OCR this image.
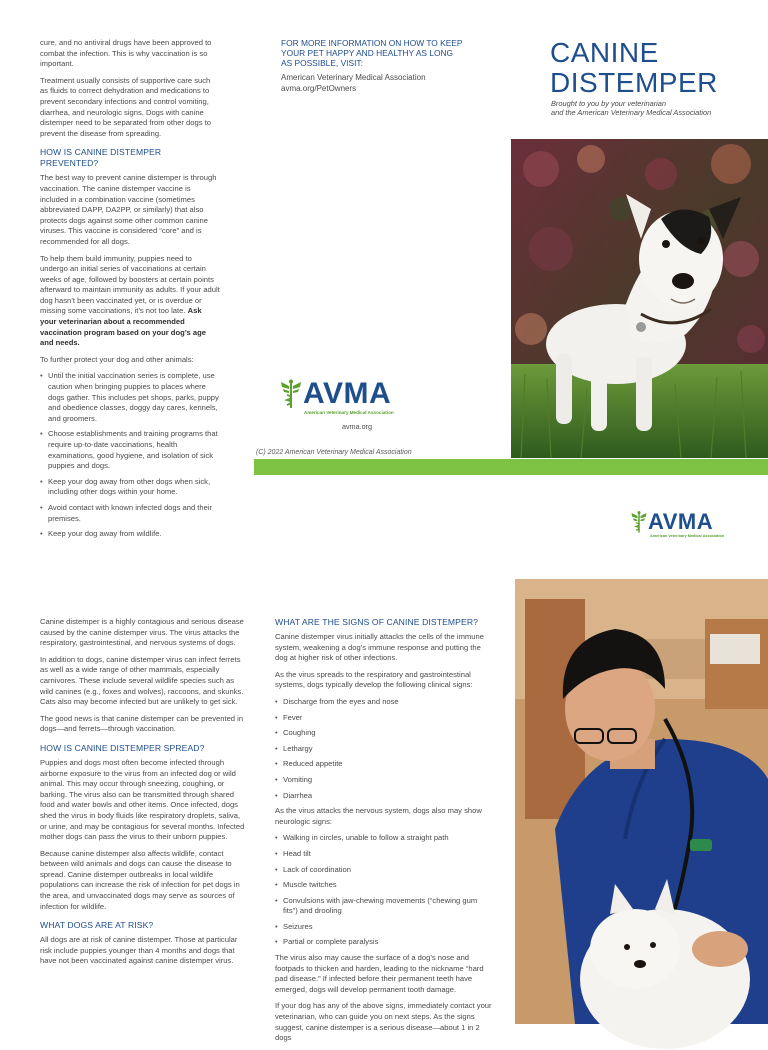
cure, and no antiviral drugs have been approved to combat the infection. This is why vaccination is so important.

Treatment usually consists of supportive care such as fluids to correct dehydration and medications to prevent secondary infections and control vomiting, diarrhea, and neurologic signs. Dogs with canine distemper need to be separated from other dogs to prevent the disease from spreading.

HOW IS CANINE DISTEMPER PREVENTED?

The best way to prevent canine distemper is through vaccination. The canine distemper vaccine is included in a combination vaccine (sometimes abbreviated DAPP, DA2PP, or similarly) that also protects dogs against some other common canine viruses. This vaccine is considered “core” and is recommended for all dogs.

To help them build immunity, puppies need to undergo an initial series of vaccinations at certain weeks of age, followed by boosters at certain points afterward to maintain immunity as adults. If your adult dog hasn’t been vaccinated yet, or is overdue or missing some vaccinations, it’s not too late. Ask your veterinarian about a recommended vaccination program based on your dog’s age and needs.

To further protect your dog and other animals:

• Until the initial vaccination series is complete, use caution when bringing puppies to places where dogs gather. This includes pet shops, parks, puppy and obedience classes, doggy day cares, kennels, and groomers.
• Choose establishments and training programs that require up-to-date vaccinations, health examinations, good hygiene, and isolation of sick puppies and dogs.
• Keep your dog away from other dogs when sick, including other dogs within your home.
• Avoid contact with known infected dogs and their premises.
• Keep your dog away from wildlife.
FOR MORE INFORMATION ON HOW TO KEEP YOUR PET HAPPY AND HEALTHY AS LONG AS POSSIBLE, VISIT:
American Veterinary Medical Association
avma.org/PetOwners
AVMA
American Veterinary Medical Association
avma.org
(C) 2022 American Veterinary Medical Association
CANINE
DISTEMPER
Brought to you by your veterinarian
and the American Veterinary Medical Association
AVMA
American Veterinary Medical Association

Canine distemper is a highly contagious and serious disease caused by the canine distemper virus. The virus attacks the respiratory, gastrointestinal, and nervous systems of dogs.

In addition to dogs, canine distemper virus can infect ferrets as well as a wide range of other mammals, especially carnivores. These include several wildlife species such as wild canines (e.g., foxes and wolves), raccoons, and skunks. Cats also may become infected but are unlikely to get sick.

The good news is that canine distemper can be prevented in dogs—and ferrets—through vaccination.

HOW IS CANINE DISTEMPER SPREAD?

Puppies and dogs most often become infected through airborne exposure to the virus from an infected dog or wild animal. This may occur through sneezing, coughing, or barking. The virus also can be transmitted through shared food and water bowls and other items. Once infected, dogs shed the virus in body fluids like respiratory droplets, saliva, or urine, and may be contagious for several months. Infected mother dogs can pass the virus to their unborn puppies.

Because canine distemper also affects wildlife, contact between wild animals and dogs can cause the disease to spread. Canine distemper outbreaks in local wildlife populations can increase the risk of infection for pet dogs in the area, and unvaccinated dogs may serve as sources of infection for wildlife.

WHAT DOGS ARE AT RISK?

All dogs are at risk of canine distemper. Those at particular risk include puppies younger than 4 months and dogs that have not been vaccinated against canine distemper virus.

WHAT ARE THE SIGNS OF CANINE DISTEMPER?

Canine distemper virus initially attacks the cells of the immune system, weakening a dog’s immune response and putting the dog at higher risk of other infections.

As the virus spreads to the respiratory and gastrointestinal systems, dogs typically develop the following clinical signs:

• Discharge from the eyes and nose
• Fever
• Coughing
• Lethargy
• Reduced appetite
• Vomiting
• Diarrhea

As the virus attacks the nervous system, dogs also may show neurologic signs:

• Walking in circles, unable to follow a straight path
• Head tilt
• Lack of coordination
• Muscle twitches
• Convulsions with jaw-chewing movements (“chewing gum fits”) and drooling
• Seizures
• Partial or complete paralysis

The virus also may cause the surface of a dog’s nose and footpads to thicken and harden, leading to the nickname “hard pad disease.” If infected before their permanent teeth have emerged, dogs will develop permanent tooth damage.

If your dog has any of the above signs, immediately contact your veterinarian, who can guide you on next steps. As the signs suggest, canine distemper is a serious disease—about 1 in 2 dogs
